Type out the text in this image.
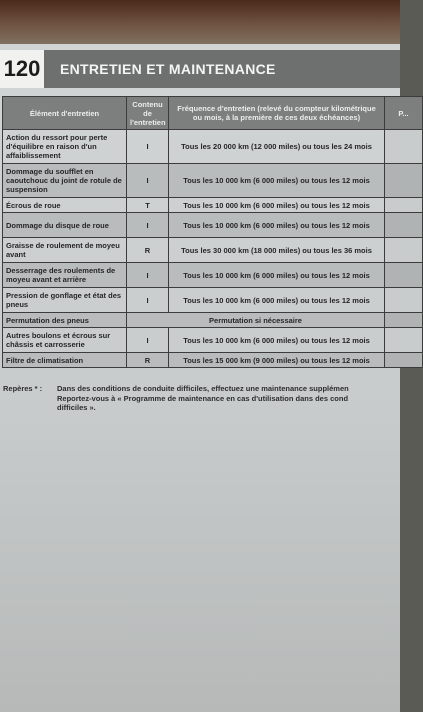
120 ENTRETIEN ET MAINTENANCE
Élément d'entretien	Contenu de l'entretien	Fréquence d'entretien (relevé du compteur kilométrique ou mois, à la première de ces deux échéances)	P...
Action du ressort pour perte d'équilibre en raison d'un affaiblissement	I	Tous les 20 000 km (12 000 miles) ou tous les 24 mois	
Dommage du soufflet en caoutchouc du joint de rotule de suspension	I	Tous les 10 000 km (6 000 miles) ou tous les 12 mois	
Écrous de roue	T	Tous les 10 000 km (6 000 miles) ou tous les 12 mois	
Dommage du disque de roue	I	Tous les 10 000 km (6 000 miles) ou tous les 12 mois	
Graisse de roulement de moyeu avant	R	Tous les 30 000 km (18 000 miles) ou tous les 36 mois	
Desserrage des roulements de moyeu avant et arrière	I	Tous les 10 000 km (6 000 miles) ou tous les 12 mois	
Pression de gonflage et état des pneus	I	Tous les 10 000 km (6 000 miles) ou tous les 12 mois	
Permutation des pneus	Permutation si nécessaire		
Autres boulons et écrous sur châssis et carrosserie	I	Tous les 10 000 km (6 000 miles) ou tous les 12 mois	
Filtre de climatisation	R	Tous les 15 000 km (9 000 miles) ou tous les 12 mois	
Repères * : Dans des conditions de conduite difficiles, effectuez une maintenance supplémen
Reportez-vous à « Programme de maintenance en cas d'utilisation dans des cond
difficiles ».
